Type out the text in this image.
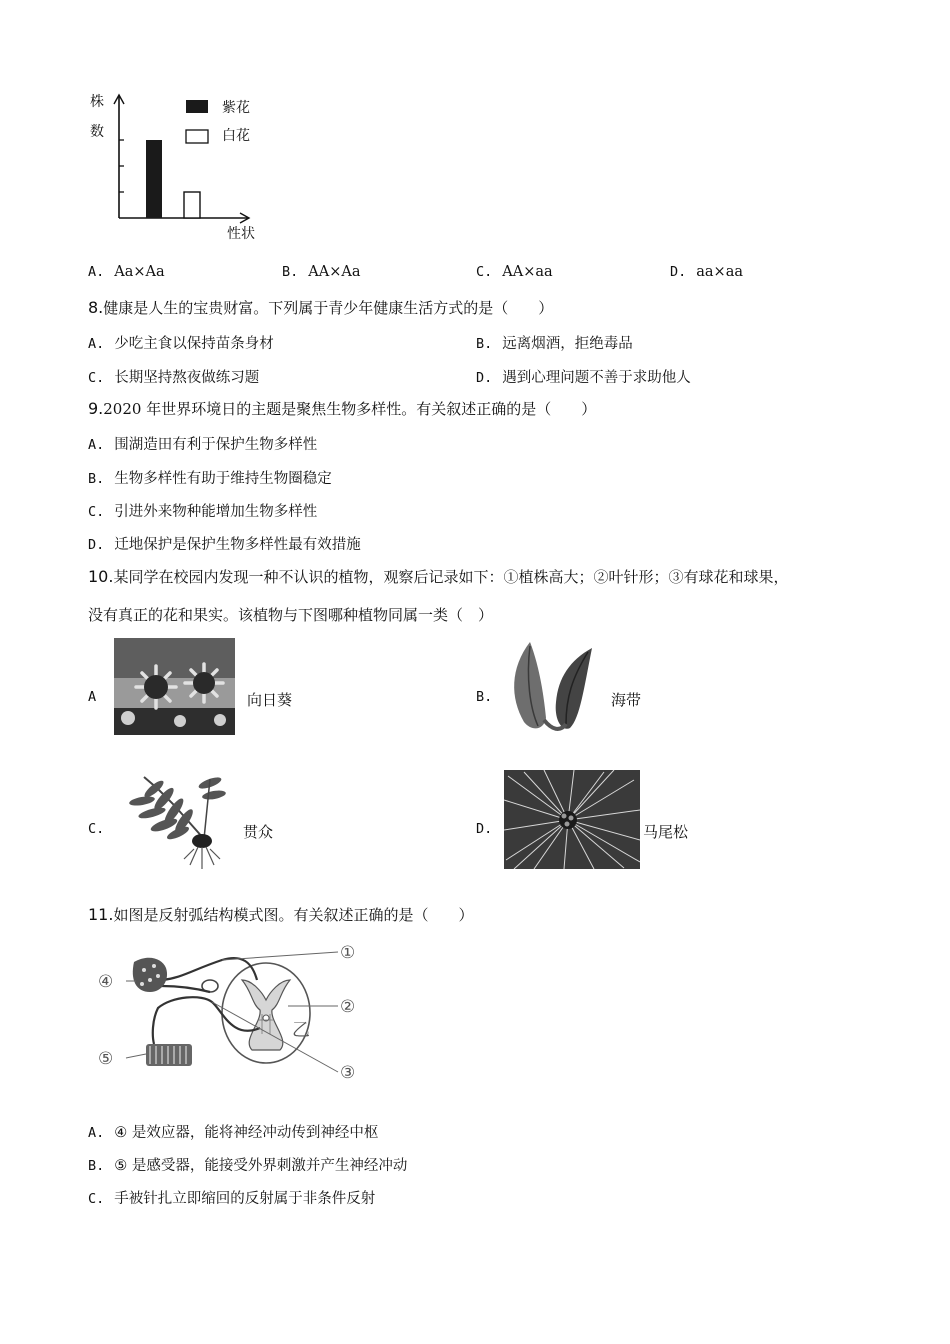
株
数
性状
紫花
白花
A. Aa×Aa	B. AA×Aa	C. AA×aa	D. aa×aa
8.健康是人生的宝贵财富。下列属于青少年健康生活方式的是（　　）
A. 少吃主食以保持苗条身材	B. 远离烟酒，拒绝毒品
C. 长期坚持熬夜做练习题	D. 遇到心理问题不善于求助他人
9.2020 年世界环境日的主题是聚焦生物多样性。有关叙述正确的是（　　）
A. 围湖造田有利于保护生物多样性
B. 生物多样性有助于维持生物圈稳定
C. 引进外来物种能增加生物多样性
D. 迁地保护是保护生物多样性最有效措施
10.某同学在校园内发现一种不认识的植物，观察后记录如下：①植株高大；②叶针形；③有球花和球果，
没有真正的花和果实。该植物与下图哪种植物同属一类（　）
A	向日葵	B.	海带
C.	贯众	D.	马尾松
11.如图是反射弧结构模式图。有关叙述正确的是（　　）
乙
①
②
③
④
⑤
A. ④ 是效应器，能将神经冲动传到神经中枢
B. ⑤ 是感受器，能接受外界刺激并产生神经冲动
C. 手被针扎立即缩回的反射属于非条件反射
